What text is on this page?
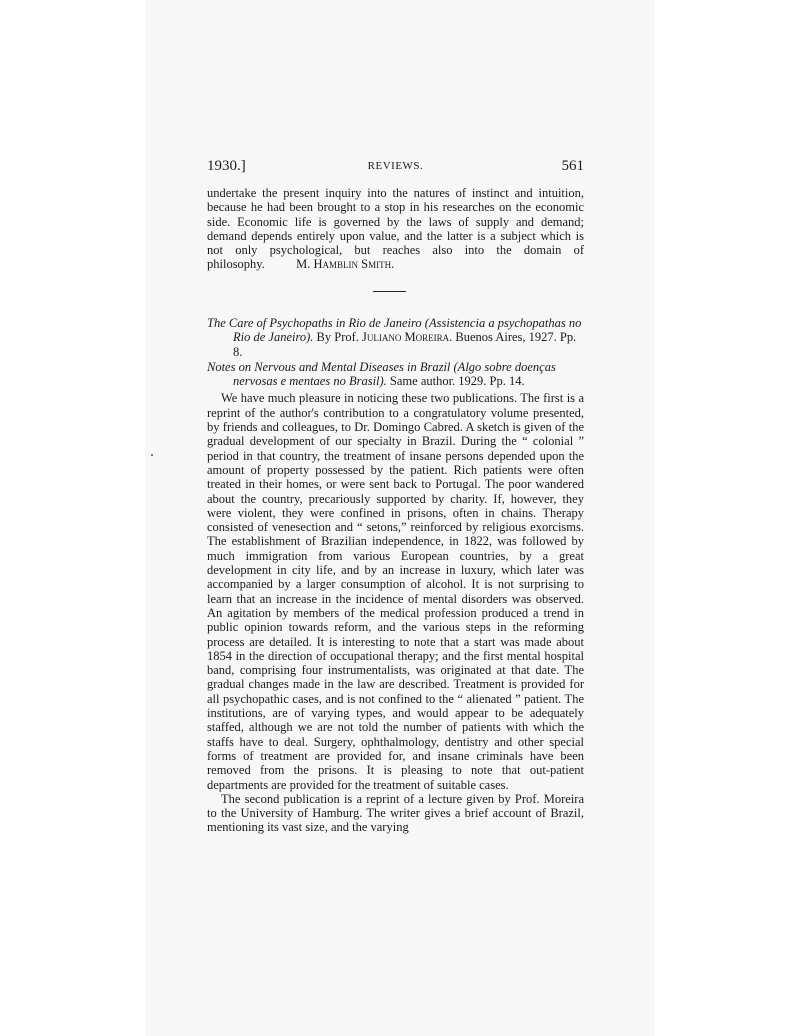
1930.]	REVIEWS.	561

undertake the present inquiry into the natures of instinct and intuition, because he had been brought to a stop in his researches on the economic side. Economic life is governed by the laws of supply and demand; demand depends entirely upon value, and the latter is a subject which is not only psychological, but reaches also into the domain of philosophy.	M. Hamblin Smith.

The Care of Psychopaths in Rio de Janeiro (Assistencia a psychopathas no Rio de Janeiro). By Prof. Juliano Moreira. Buenos Aires, 1927. Pp. 8.

Notes on Nervous and Mental Diseases in Brazil (Algo sobre doenças nervosas e mentaes no Brasil). Same author. 1929. Pp. 14.

We have much pleasure in noticing these two publications. The first is a reprint of the author's contribution to a congratulatory volume presented, by friends and colleagues, to Dr. Domingo Cabred. A sketch is given of the gradual development of our specialty in Brazil. During the “ colonial ” period in that country, the treatment of insane persons depended upon the amount of property possessed by the patient. Rich patients were often treated in their homes, or were sent back to Portugal. The poor wandered about the country, precariously supported by charity. If, however, they were violent, they were confined in prisons, often in chains. Therapy consisted of venesection and “ setons,” reinforced by religious exorcisms. The establishment of Brazilian independence, in 1822, was followed by much immigration from various European countries, by a great development in city life, and by an increase in luxury, which later was accompanied by a larger consumption of alcohol. It is not surprising to learn that an increase in the incidence of mental disorders was observed. An agitation by members of the medical profession produced a trend in public opinion towards reform, and the various steps in the reforming process are detailed. It is interesting to note that a start was made about 1854 in the direction of occupational therapy; and the first mental hospital band, comprising four instrumentalists, was originated at that date. The gradual changes made in the law are described. Treatment is provided for all psychopathic cases, and is not confined to the “ alienated ” patient. The institutions, are of varying types, and would appear to be adequately staffed, although we are not told the number of patients with which the staffs have to deal. Surgery, ophthalmology, dentistry and other special forms of treatment are provided for, and insane criminals have been removed from the prisons. It is pleasing to note that out-patient departments are provided for the treatment of suitable cases.

The second publication is a reprint of a lecture given by Prof. Moreira to the University of Hamburg. The writer gives a brief account of Brazil, mentioning its vast size, and the varying
